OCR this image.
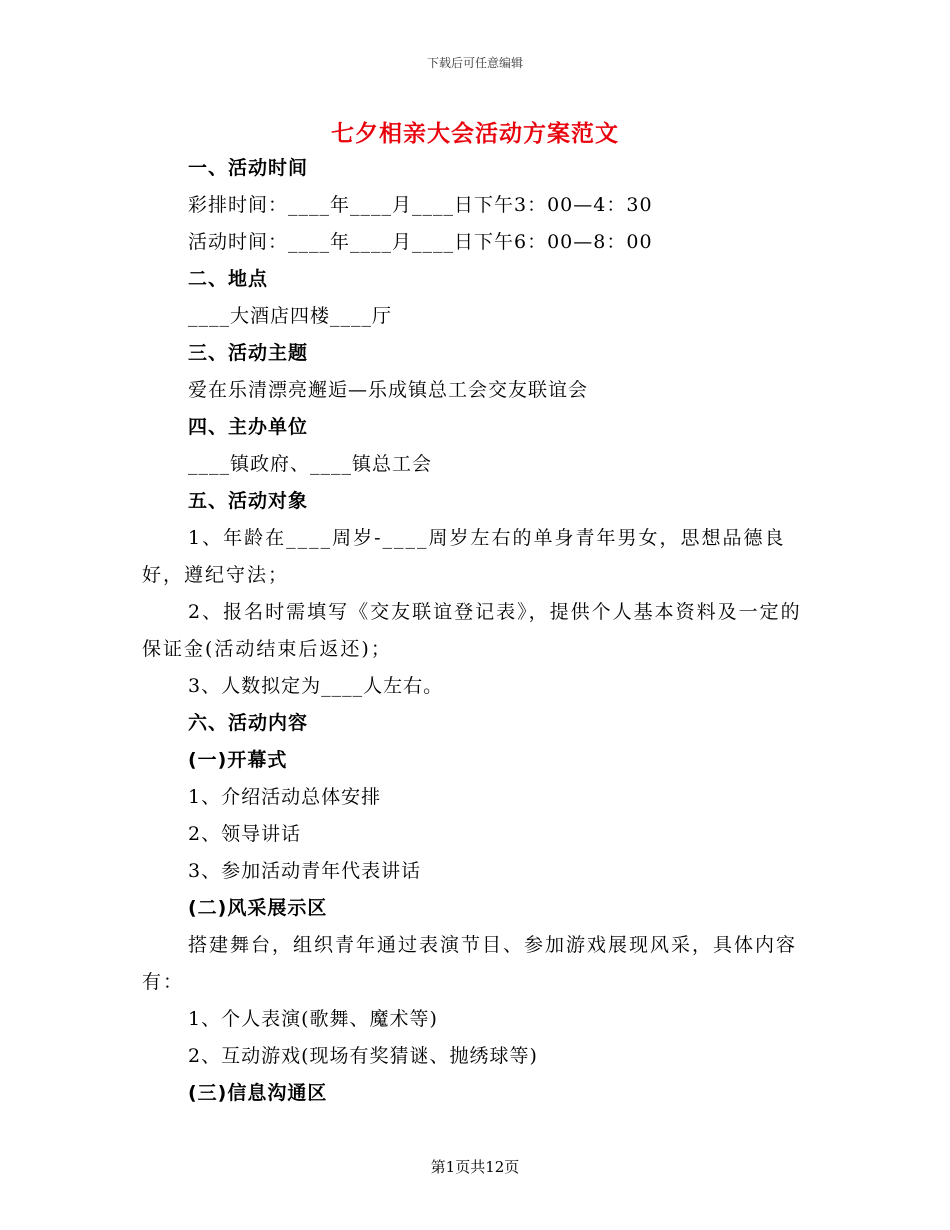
下载后可任意编辑
七夕相亲大会活动方案范文
一、活动时间
彩排时间：____年____月____日下午3：00—4：30
活动时间：____年____月____日下午6：00—8：00
二、地点
____大酒店四楼____厅
三、活动主题
爱在乐清漂亮邂逅—乐成镇总工会交友联谊会
四、主办单位
____镇政府、____镇总工会
五、活动对象
1、年龄在____周岁-____周岁左右的单身青年男女，思想品德良好，遵纪守法；
2、报名时需填写《交友联谊登记表》，提供个人基本资料及一定的保证金(活动结束后返还)；
3、人数拟定为____人左右。
六、活动内容
(一)开幕式
1、介绍活动总体安排
2、领导讲话
3、参加活动青年代表讲话
(二)风采展示区
搭建舞台，组织青年通过表演节目、参加游戏展现风采，具体内容有：
1、个人表演(歌舞、魔术等)
2、互动游戏(现场有奖猜谜、抛绣球等)
(三)信息沟通区
第1页共12页
